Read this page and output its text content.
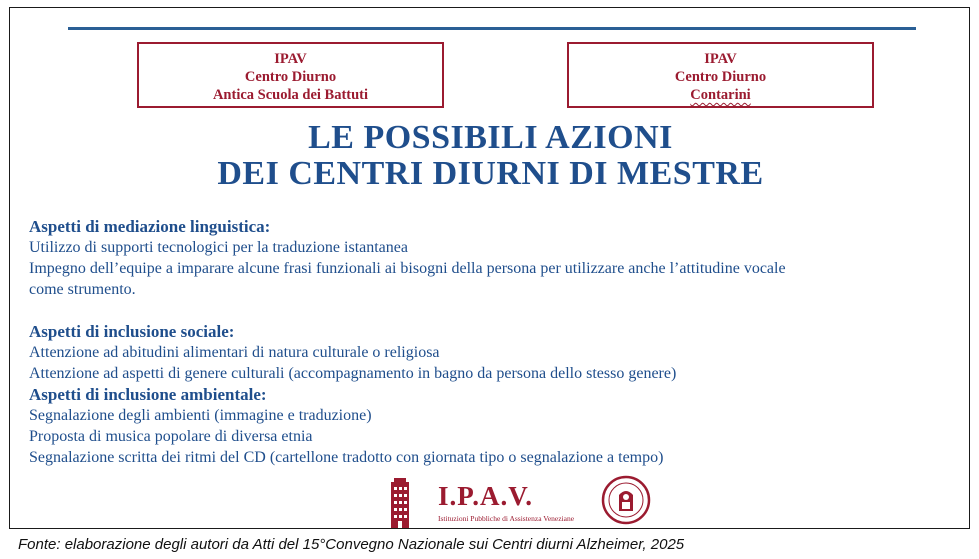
IPAV
Centro Diurno
Antica Scuola dei Battuti
IPAV
Centro Diurno
Contarini
LE POSSIBILI AZIONI
DEI CENTRI DIURNI DI MESTRE
Aspetti di mediazione linguistica:
Utilizzo di supporti tecnologici per la traduzione istantanea
Impegno dell’equipe a imparare alcune frasi funzionali ai bisogni della persona per utilizzare anche l’attitudine vocale
come strumento.
Aspetti di inclusione sociale:
Attenzione ad abitudini alimentari di natura culturale o religiosa
Attenzione ad aspetti di genere culturali (accompagnamento in bagno da persona dello stesso genere)
Aspetti di inclusione ambientale:
Segnalazione degli ambienti (immagine e traduzione)
Proposta di musica popolare di diversa etnia
Segnalazione scritta dei ritmi del CD (cartellone tradotto con giornata tipo o segnalazione a tempo)
I.P.A.V.
Istituzioni Pubbliche di Assistenza Veneziane
Fonte: elaborazione degli autori da Atti del 15°Convegno Nazionale sui Centri diurni Alzheimer, 2025
